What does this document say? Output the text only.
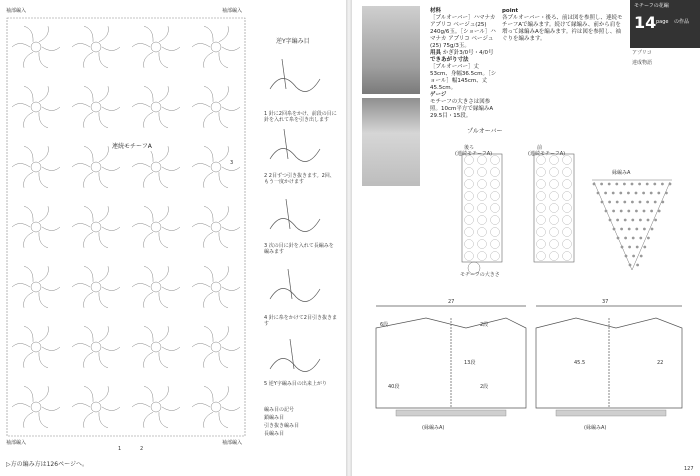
袖部編入	袖部編入
連続モチーフA
袖部編入	袖部編入
1	2
3
▷方の編み方は126ページへ。
逆Y字編み目
1 針に2回糸をかけ、前段の目に針を入れて糸を引き出します
2 2目ずつ引き抜きます。2回、もう一度かけます
3 次の目に針を入れて長編みを編みます
4 針に糸をかけて2目引き抜きます
5 逆Y字編み目の出来上がり
編み目の記号
鎖編み目
引き抜き編み目
長編み目
材料
［プルオーバー］ハマナカ アプリコ ベージュ(25) 240g/6玉。［ショール］ハマナカ アプリコ ベージュ(25) 75g/3玉。
用具 かぎ針3/0号・4/0号
できあがり寸法
［プルオーバー］丈53cm、身幅36.5cm。［ショール］幅145cm、丈45.5cm。
ゲージ
モチーフの大きさは図参照。10cm平方で縁編みA 29.5目・15段。
point
各プルオーバー・後ろ、前は図を参照し、連続モチーフAで編みます。続けて縁編み、前から肩を増って縁編みAを編みます。衿は図を参照し、袖ぐりを編みます。
モチーフの花編
14 page の作品
アプリコ
達成物語
プルオーバー
後ろ
(連続モチーフA)
前
(連続モチーフA)
縁編みA
モチーフの大きさ
6段	2段
13段
40段	2段
27	37
45.5	22
(縁編みA)	(縁編みA)
127
